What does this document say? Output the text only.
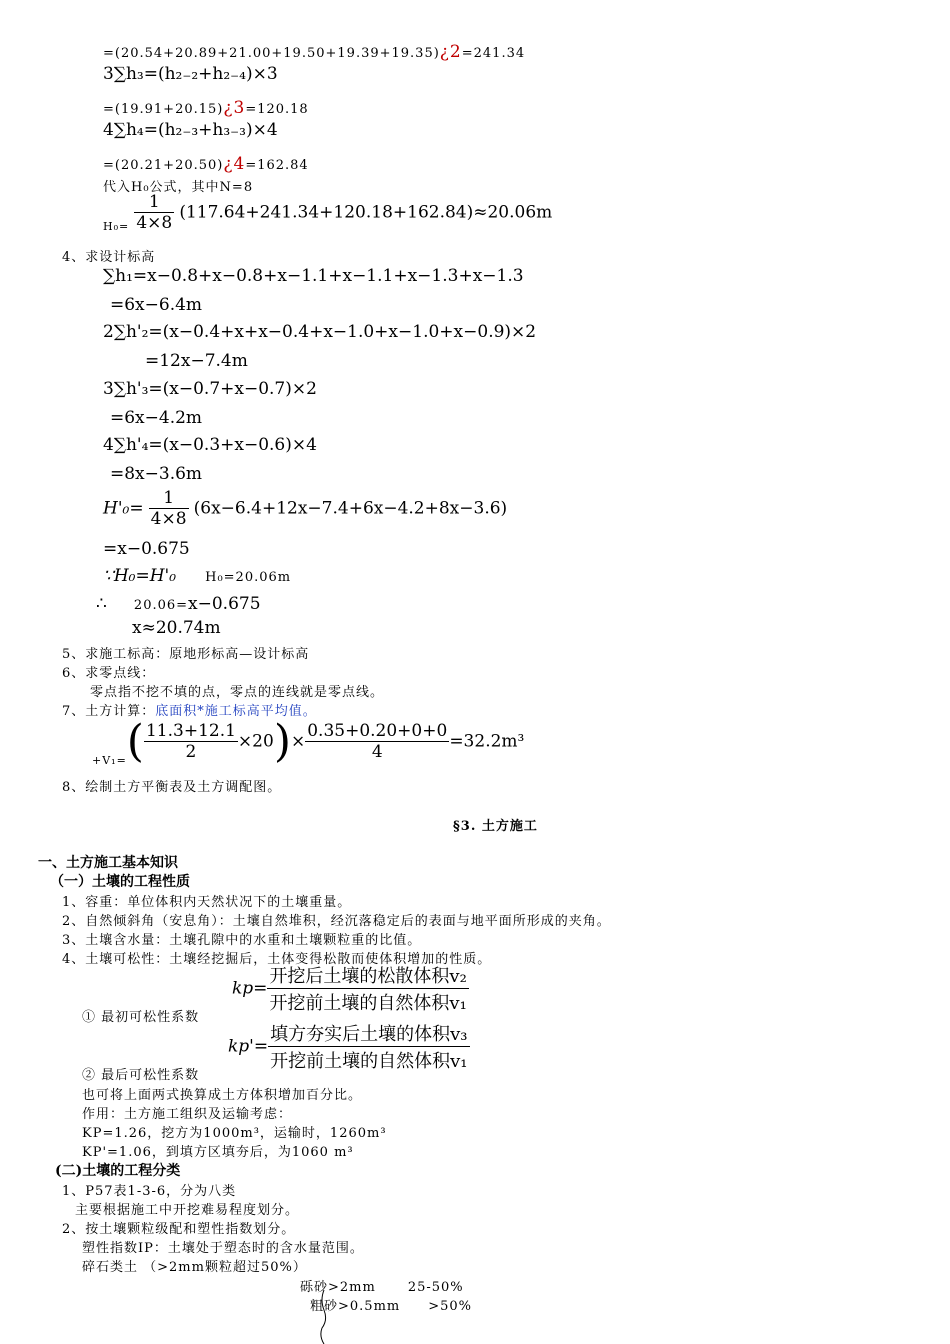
=(20.54+20.89+21.00+19.50+19.39+19.35)¿2=241.34
3∑h₃=(h₂₋₂+h₂₋₄)×3
=(19.91+20.15)¿3=120.18
4∑h₄=(h₂₋₃+h₃₋₃)×4
=(20.21+20.50)¿4=162.84
代入H₀公式，其中N=8
$H_0= \frac{1}{4\times 8} (117.64+241.34+120.18+162.84)\approx 20.06m$
4、求设计标高
∑h₁=x−0.8+x−0.8+x−1.1+x−1.1+x−1.3+x−1.3
=6x−6.4m
2∑h'₂=(x−0.4+x+x−0.4+x−1.0+x−1.0+x−0.9)×2
=12x−7.4m
3∑h'₃=(x−0.7+x−0.7)×2
=6x−4.2m
4∑h'₄=(x−0.3+x−0.6)×4
=8x−3.6m
$H'_0= \frac{1}{4\times 8} (6x-6.4+12x-7.4+6x-4.2+8x-3.6)$
=x−0.675
∵H₀=H'₀ H₀=20.06m
∴ 20.06=x−0.675
x≈20.74m
5、求施工标高：原地形标高—设计标高
6、求零点线：
零点指不挖不填的点，零点的连线就是零点线。
7、土方计算：底面积*施工标高平均值。
$+V_1=( \frac{11.3+12.1}{2} \times 20)\times \frac{0.35+0.20+0+0}{4} =32.2m^3$
8、绘制土方平衡表及土方调配图。
§3. 土方施工
一、土方施工基本知识
（一）土壤的工程性质
1、容重：单位体积内天然状况下的土壤重量。
2、自然倾斜角（安息角）：土壤自然堆积，经沉落稳定后的表面与地平面所形成的夹角。
3、土壤含水量：土壤孔隙中的水重和土壤颗粒重的比值。
4、土壤可松性：土壤经挖掘后，土体变得松散而使体积增加的性质。
① 最初可松性系数
$kp= \frac{\text{开挖后土壤的松散体积v₂}}{\text{开挖前土壤的自然体积v₁}}$
$kp'= \frac{\text{填方夯实后土壤的体积v₃}}{\text{开挖前土壤的自然体积v₁}}$
② 最后可松性系数
也可将上面两式换算成土方体积增加百分比。
作用：土方施工组织及运输考虑：
KP=1.26，挖方为1000m³，运输时，1260m³
KP'=1.06，到填方区填夯后，为1060 m³
(二)土壤的工程分类
1、P57表1-3-6，分为八类
主要根据施工中开挖难易程度划分。
2、按土壤颗粒级配和塑性指数划分。
塑性指数IP：土壤处于塑态时的含水量范围。
碎石类土 （>2mm颗粒超过50%）
砾砂>2mm 25-50%
粗砂>0.5mm >50%
